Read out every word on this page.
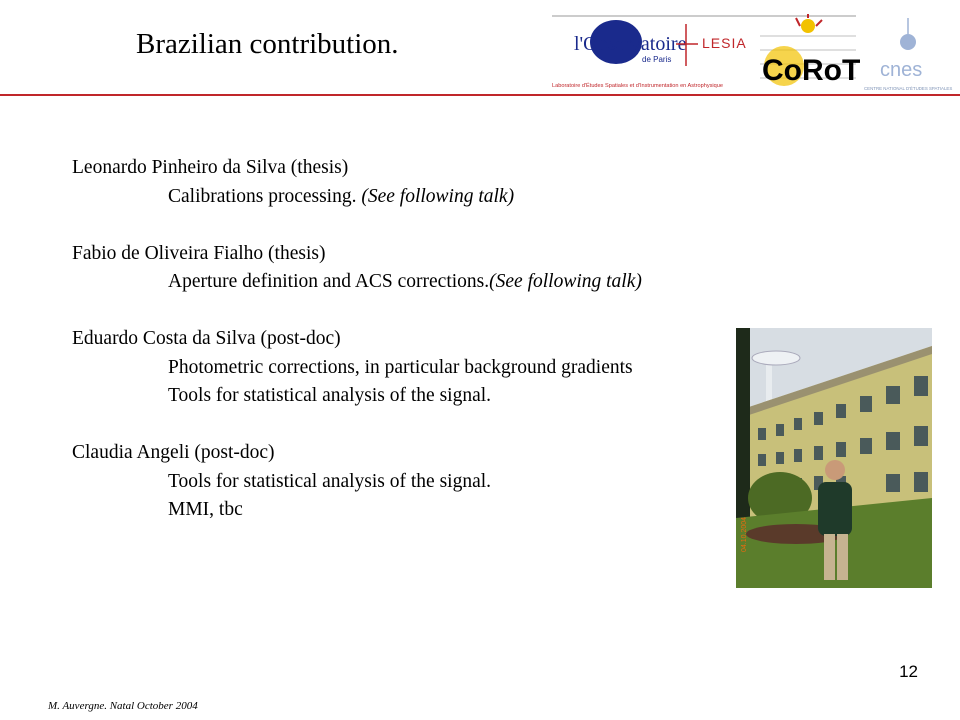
Brazilian contribution.	l'Observatoire
de Paris
LESIA
Laboratoire d'Études Spatiales et d'Instrumentation en Astrophysique CoRoT cnes
CENTRE NATIONAL D'ÉTUDES SPATIALES
Leonardo Pinheiro da Silva (thesis)
Calibrations processing. (See following talk)
Fabio de Oliveira Fialho (thesis)
Aperture definition and ACS corrections.(See following talk)
Eduardo Costa da Silva (post-doc)
Photometric corrections, in particular background gradients
Tools for statistical analysis of the signal.
Claudia Angeli (post-doc)
Tools for statistical analysis of the signal.
MMI, tbc
04.10.2004
12
M. Auvergne. Natal October 2004
